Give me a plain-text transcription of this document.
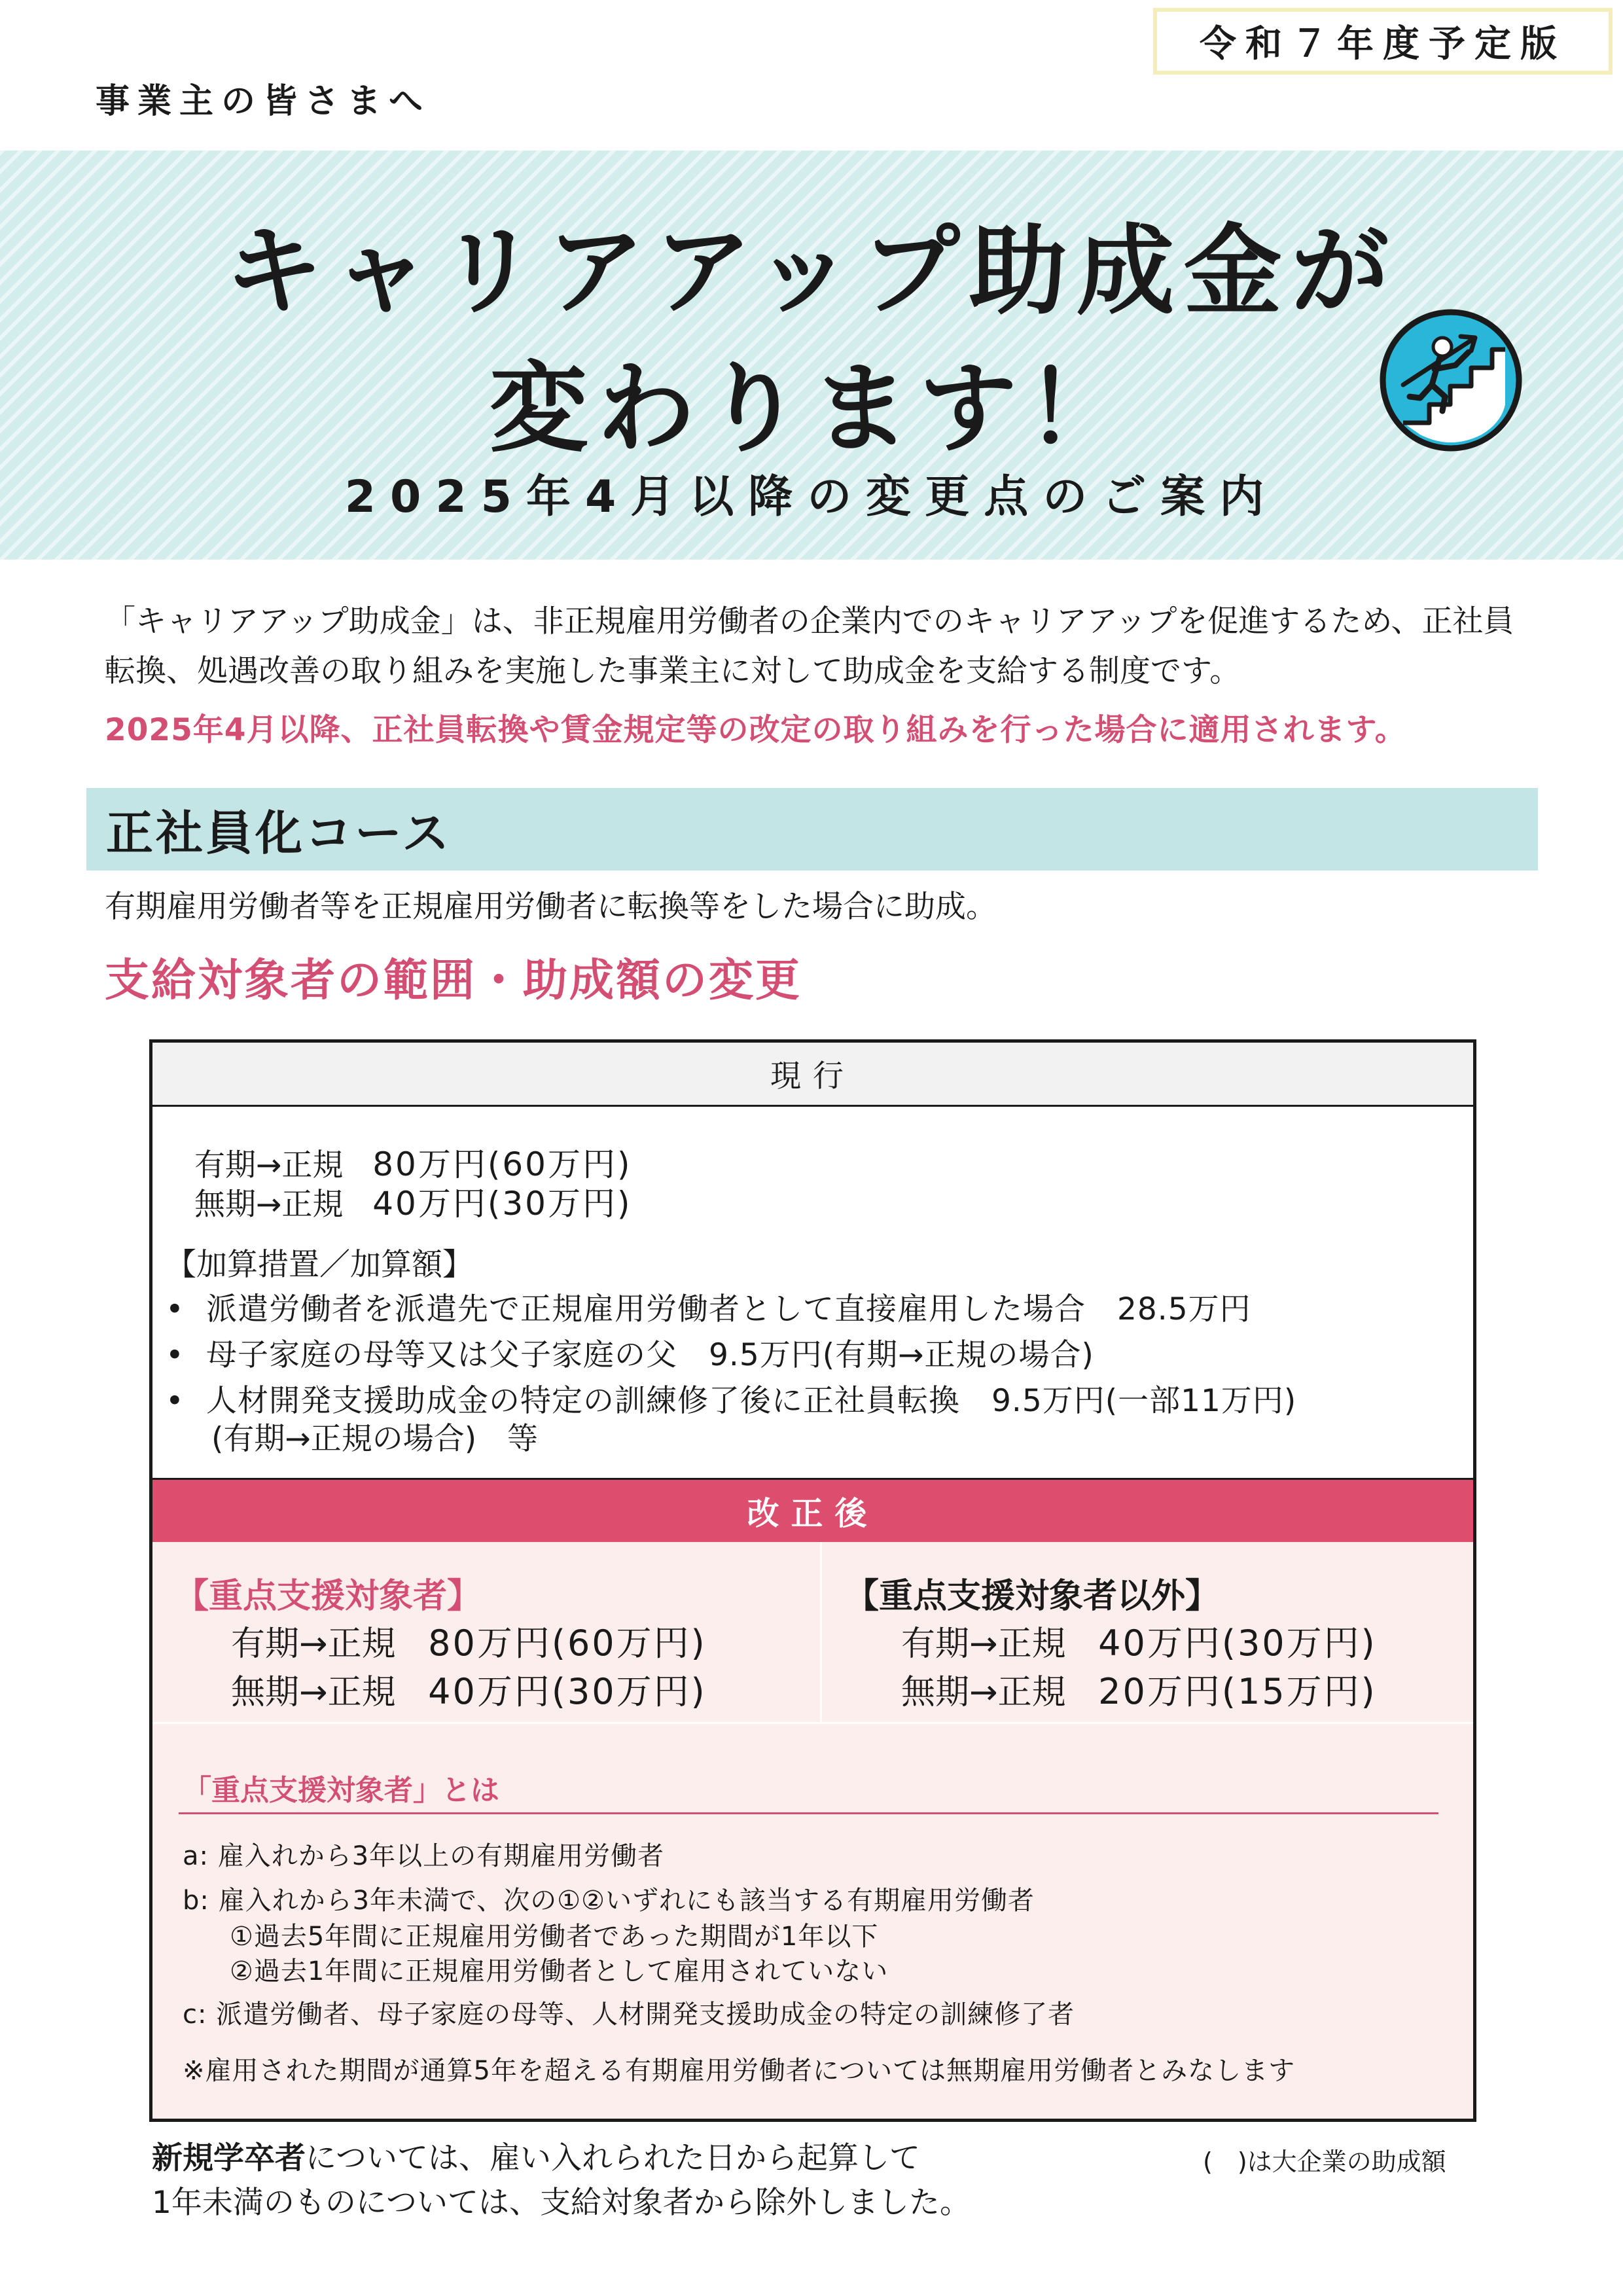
令和７年度予定版
事業主の皆さまへ
キャリアアップ助成金が
変わります！
2025年4月以降の変更点のご案内
「キャリアアップ助成金」は、非正規雇用労働者の企業内でのキャリアアップを促進するため、正社員転換、処遇改善の取り組みを実施した事業主に対して助成金を支給する制度です。
2025年4月以降、正社員転換や賃金規定等の改定の取り組みを行った場合に適用されます。
正社員化コース
有期雇用労働者等を正規雇用労働者に転換等をした場合に助成。
支給対象者の範囲・助成額の変更
現行
有期→正規 80万円(60万円)
無期→正規 40万円(30万円)
【加算措置／加算額】
• 派遣労働者を派遣先で正規雇用労働者として直接雇用した場合　28.5万円
• 母子家庭の母等又は父子家庭の父　9.5万円(有期→正規の場合)
• 人材開発支援助成金の特定の訓練修了後に正社員転換　9.5万円(一部11万円)
(有期→正規の場合)　等
改正後
【重点支援対象者】
有期→正規 80万円(60万円)
無期→正規 40万円(30万円)
【重点支援対象者以外】
有期→正規 40万円(30万円)
無期→正規 20万円(15万円)
「重点支援対象者」とは
a: 雇入れから3年以上の有期雇用労働者
b: 雇入れから3年未満で、次の①②いずれにも該当する有期雇用労働者
①過去5年間に正規雇用労働者であった期間が1年以下
②過去1年間に正規雇用労働者として雇用されていない
c: 派遣労働者、母子家庭の母等、人材開発支援助成金の特定の訓練修了者
※雇用された期間が通算5年を超える有期雇用労働者については無期雇用労働者とみなします
新規学卒者については、雇い入れられた日から起算して
1年未満のものについては、支給対象者から除外しました。
(　)は大企業の助成額
